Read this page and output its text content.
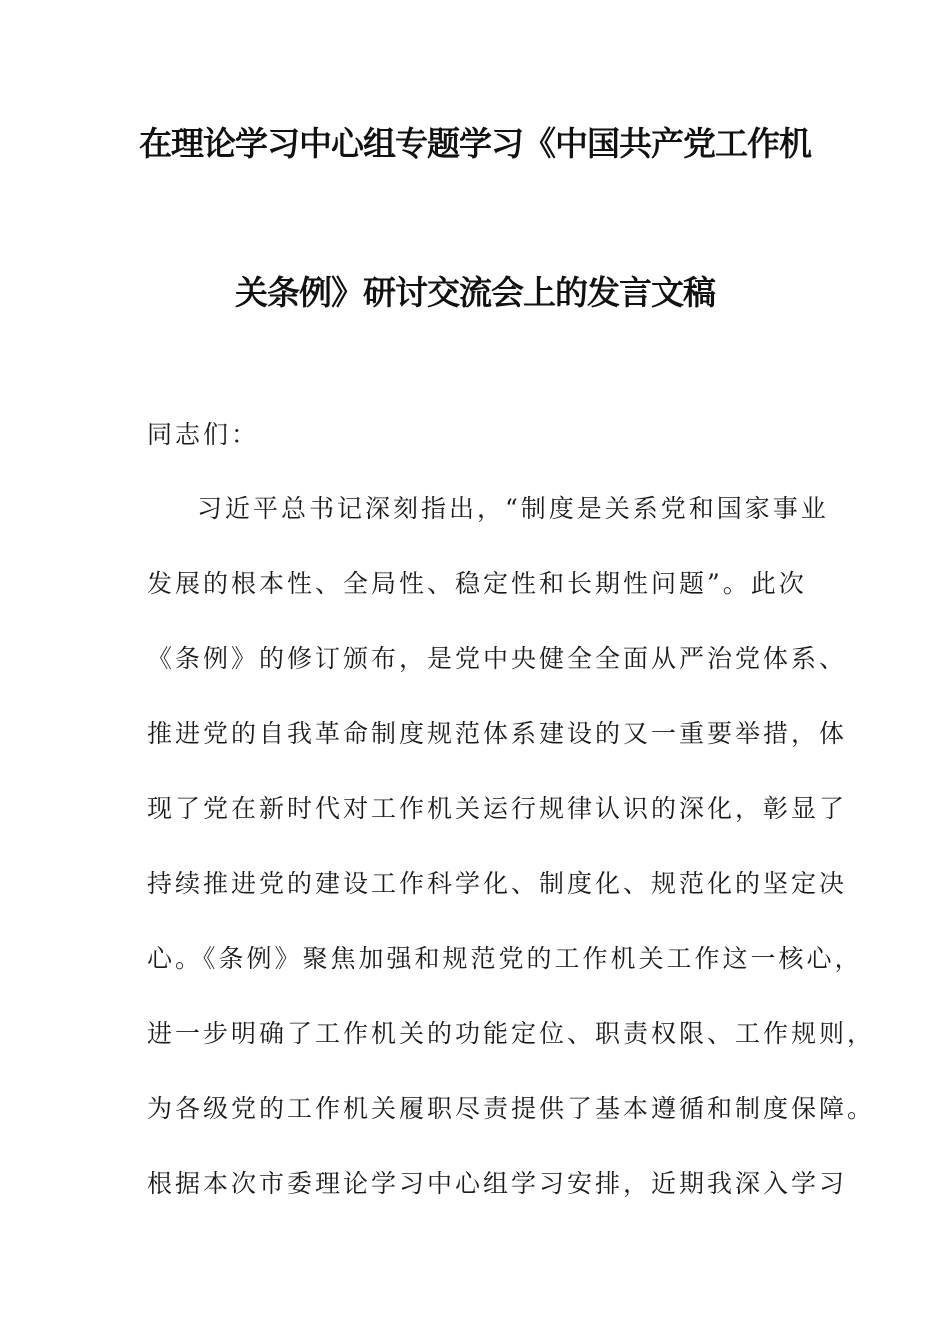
在理论学习中心组专题学习《中国共产党工作机
关条例》研讨交流会上的发言文稿
同志们：
习近平总书记深刻指出，“制度是关系党和国家事业
发展的根本性、全局性、稳定性和长期性问题”。此次
《条例》的修订颁布，是党中央健全全面从严治党体系、
推进党的自我革命制度规范体系建设的又一重要举措，体
现了党在新时代对工作机关运行规律认识的深化，彰显了
持续推进党的建设工作科学化、制度化、规范化的坚定决
心。《条例》聚焦加强和规范党的工作机关工作这一核心，
进一步明确了工作机关的功能定位、职责权限、工作规则，
为各级党的工作机关履职尽责提供了基本遵循和制度保障。
根据本次市委理论学习中心组学习安排，近期我深入学习
